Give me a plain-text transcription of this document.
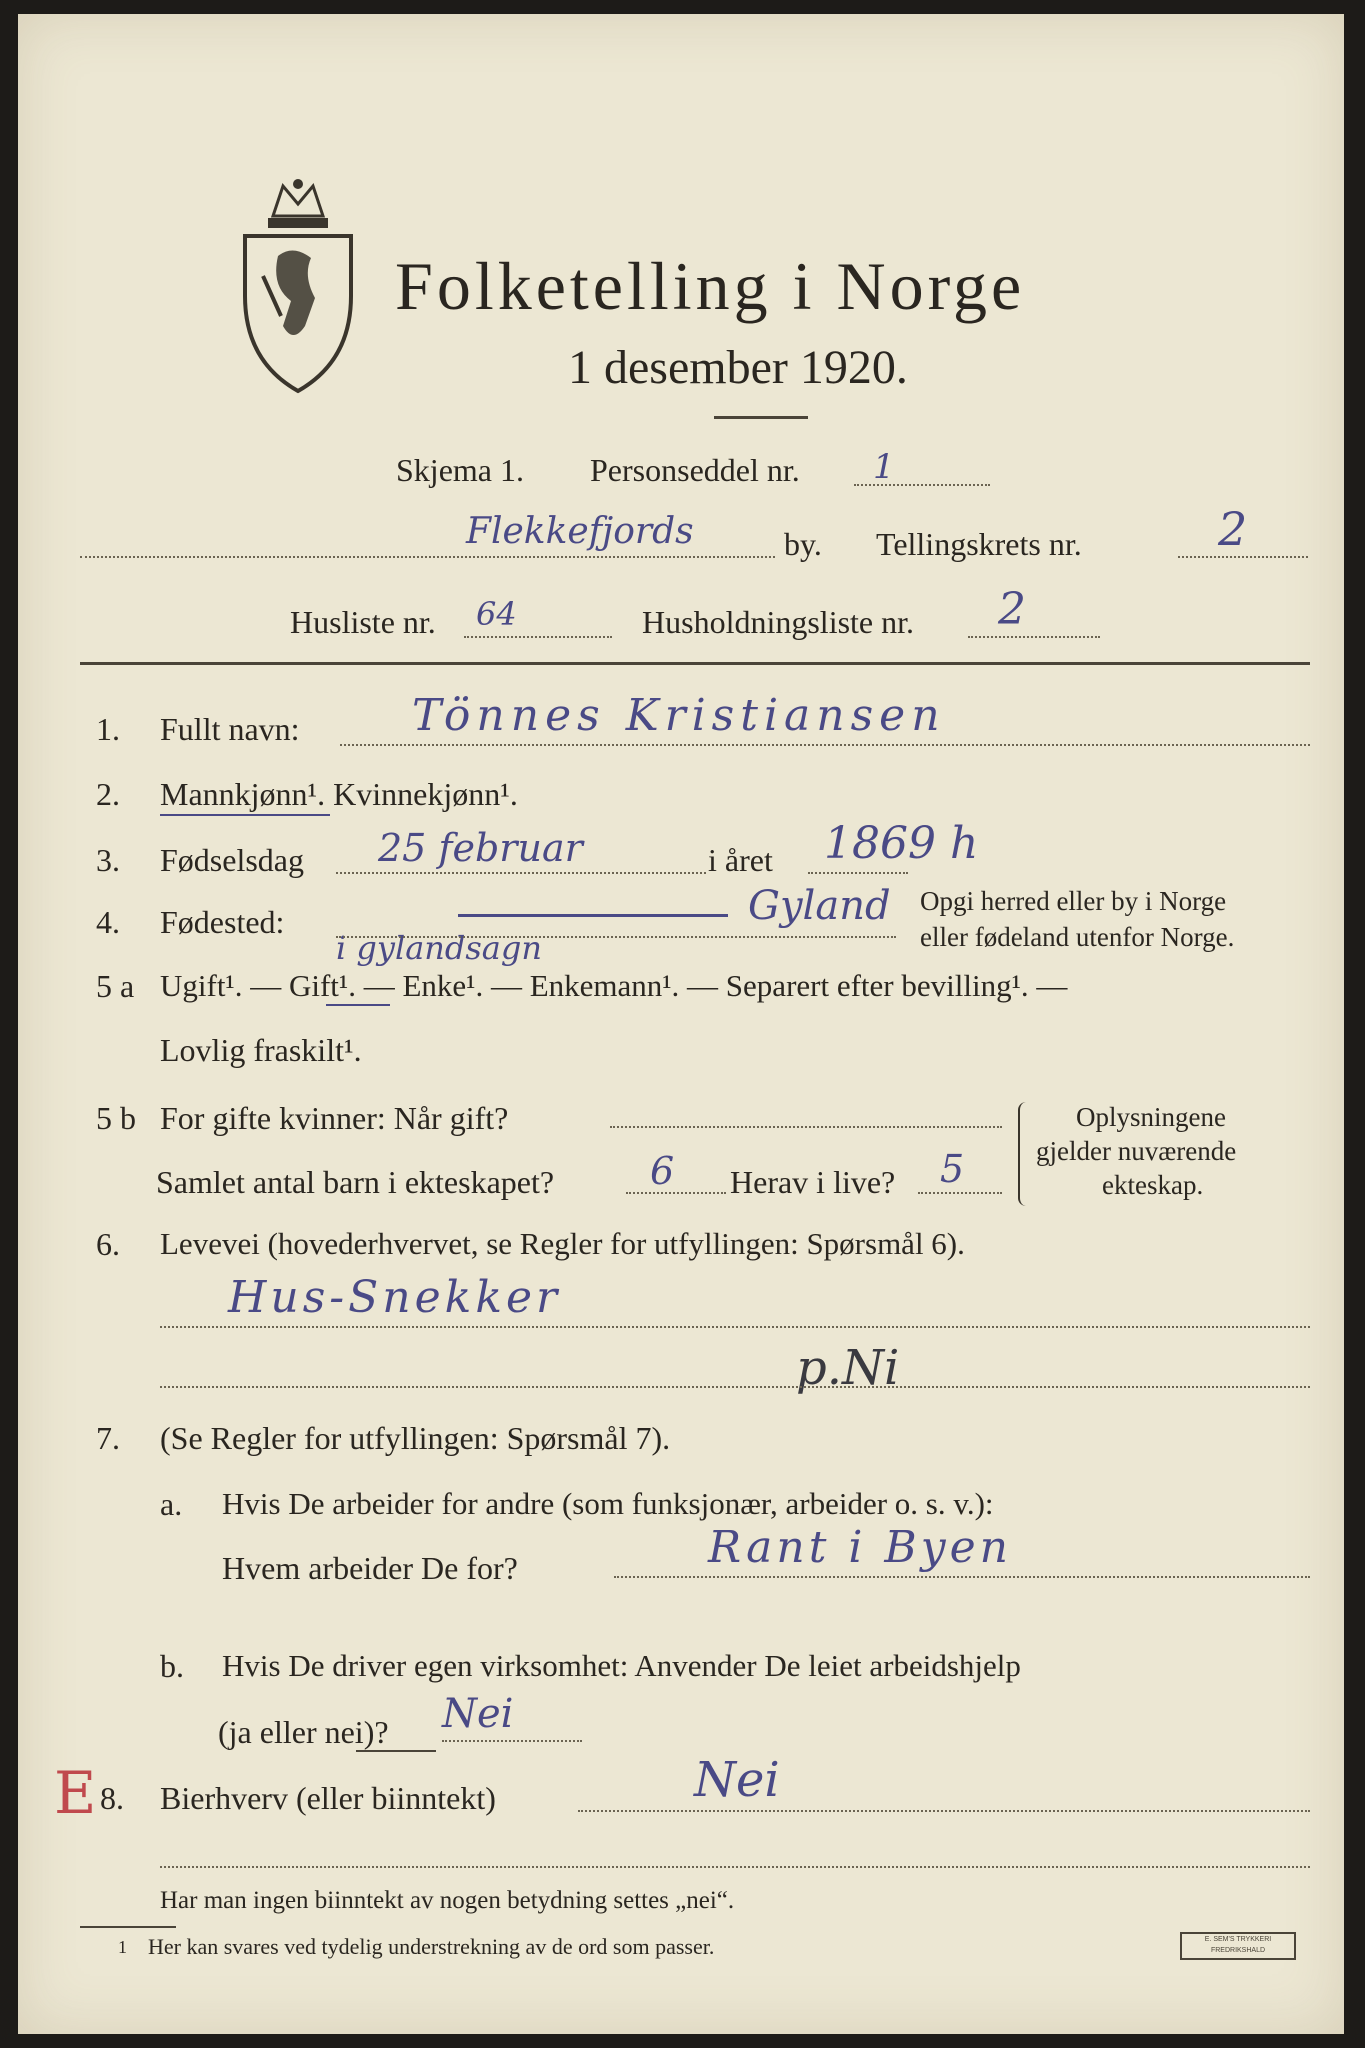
Folketelling i Norge
1 desember 1920.
Skjema 1. Personseddel nr. 1
Flekkefjords	by. Tellingskrets nr.	2
Husliste nr. 64	Husholdningsliste nr. 2
1. Fullt navn:	Tönnes Kristiansen
2. Mannkjønn¹. Kvinnekjønn¹.
3. Fødselsdag 25 februar	i året 1869 h
4. Fødested:	Gyland
i gylandsagn
Opgi herred eller by i Norge
eller fødeland utenfor Norge.
5 a Ugift¹. — Gift¹. — Enke¹. — Enkemann¹. — Separert efter bevilling¹. —
Lovlig fraskilt¹.
5 b For gifte kvinner: Når gift?
Samlet antal barn i ekteskapet?	6 Herav i live? 5
Oplysningene
gjelder nuværende
ekteskap.
6. Levevei (hovederhvervet, se Regler for utfyllingen: Spørsmål 6).
Hus-Snekker
p.Ni
7. (Se Regler for utfyllingen: Spørsmål 7).
a. Hvis De arbeider for andre (som funksjonær, arbeider o. s. v.):
Hvem arbeider De for?	Rant i Byen
b. Hvis De driver egen virksomhet: Anvender De leiet arbeidshjelp
(ja eller nei)? Nei
E 8. Bierhverv (eller biinntekt)	Nei
Har man ingen biinntekt av nogen betydning settes „nei“.
1 Her kan svares ved tydelig understrekning av de ord som passer.	E. SEM'S TRYKKERI
FREDRIKSHALD
